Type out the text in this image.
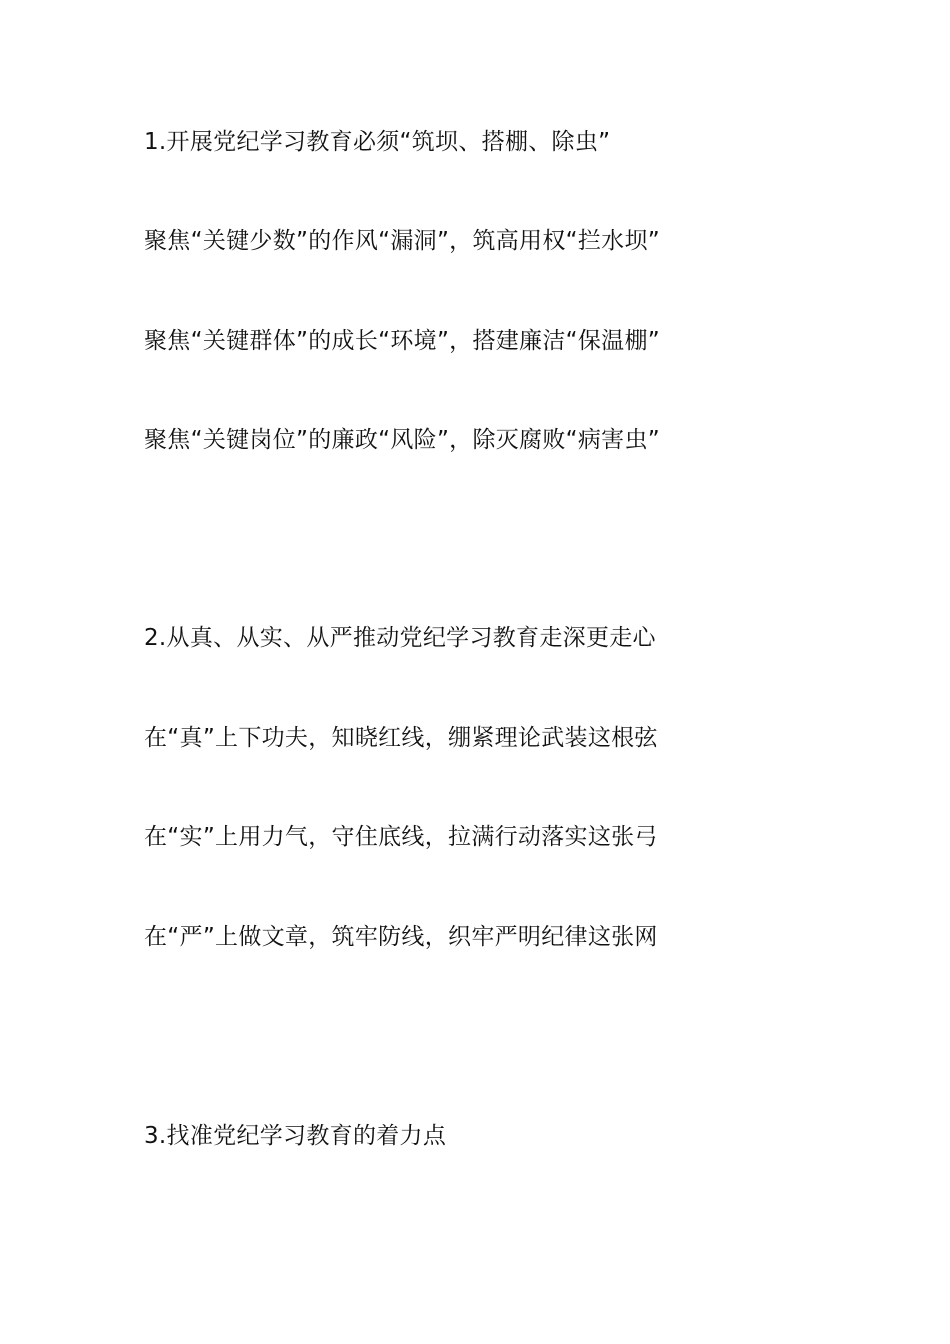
1.开展党纪学习教育必须“筑坝、搭棚、除虫”
聚焦“关键少数”的作风“漏洞”，筑高用权“拦水坝”
聚焦“关键群体”的成长“环境”，搭建廉洁“保温棚”
聚焦“关键岗位”的廉政“风险”，除灭腐败“病害虫”
2.从真、从实、从严推动党纪学习教育走深更走心
在“真”上下功夫，知晓红线，绷紧理论武装这根弦
在“实”上用力气，守住底线，拉满行动落实这张弓
在“严”上做文章，筑牢防线，织牢严明纪律这张网
3.找准党纪学习教育的着力点
